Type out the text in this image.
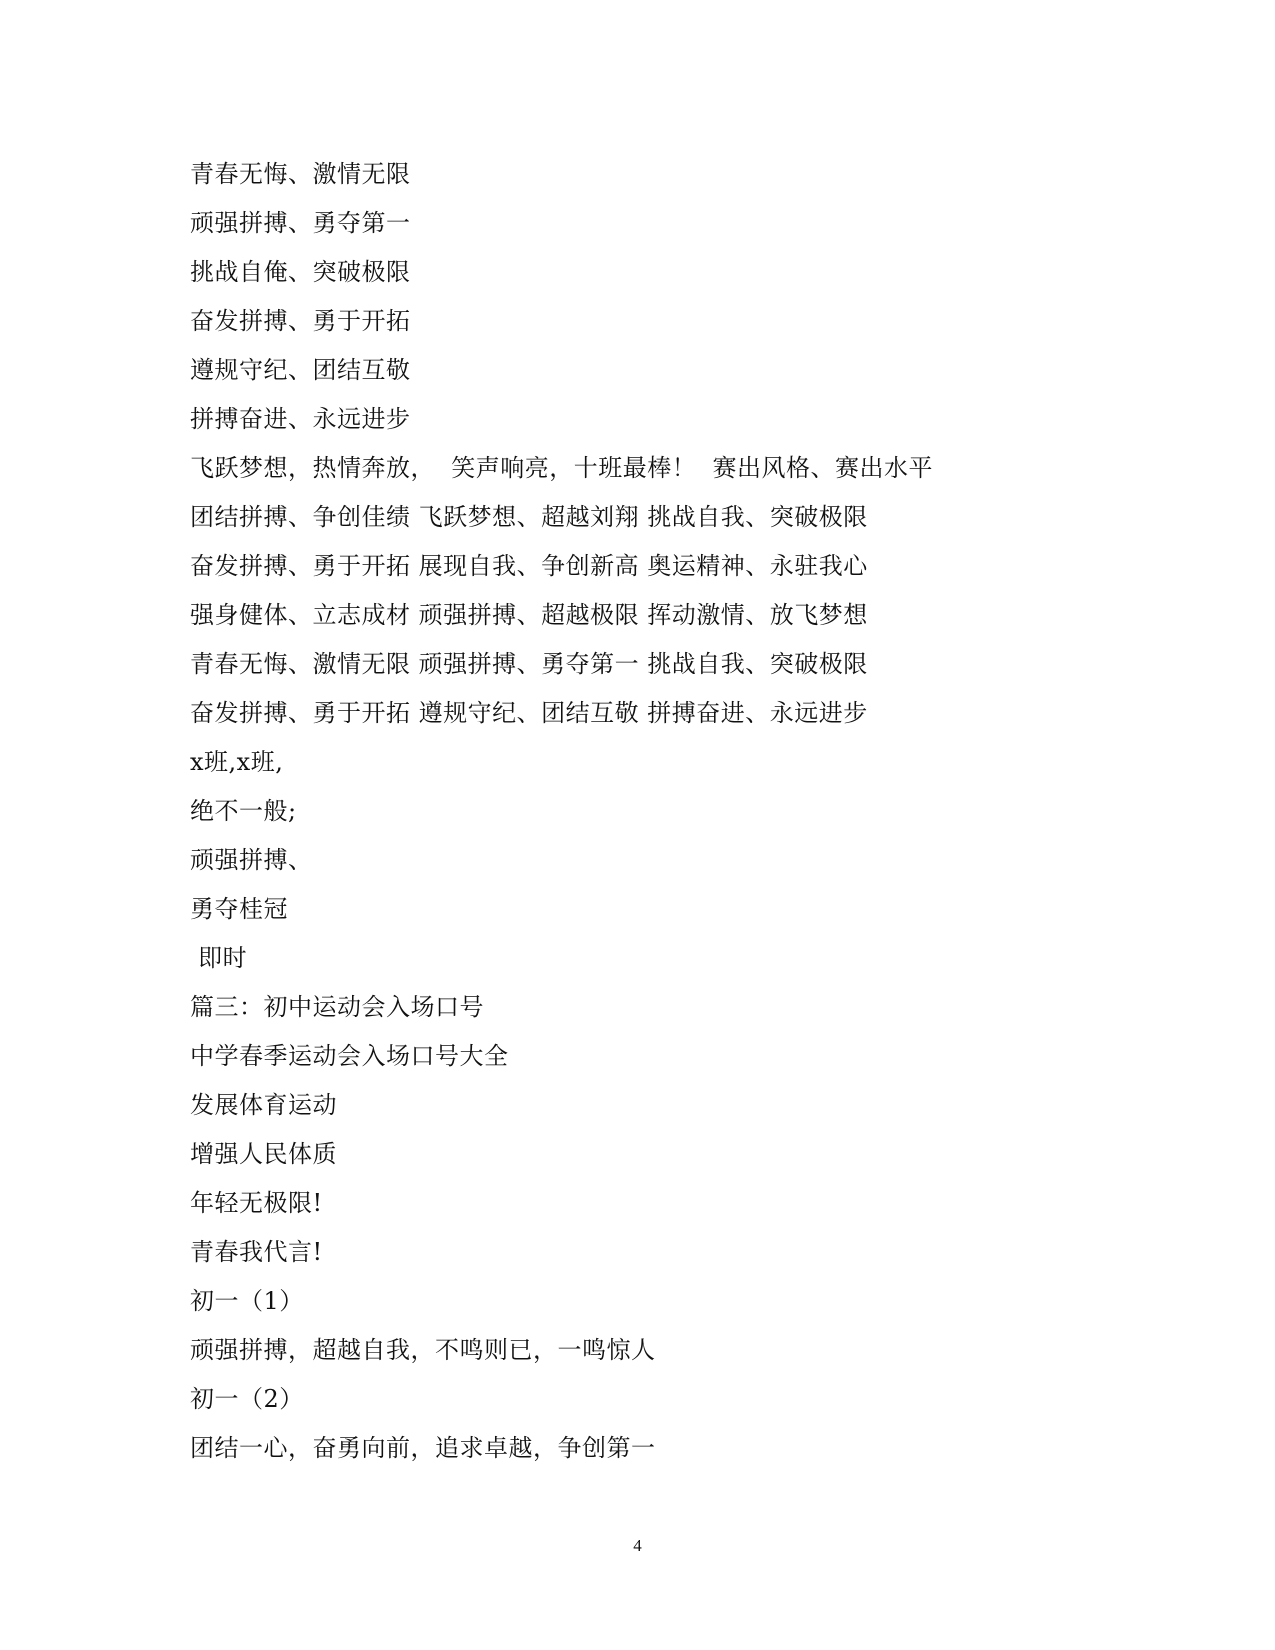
青春无悔、激情无限
顽强拼搏、勇夺第一
挑战自俺、突破极限
奋发拼搏、勇于开拓
遵规守纪、团结互敬
拼搏奋进、永远进步
飞跃梦想，热情奔放，  笑声响亮，十班最棒！  赛出风格、赛出水平
团结拼搏、争创佳绩 飞跃梦想、超越刘翔 挑战自我、突破极限
奋发拼搏、勇于开拓 展现自我、争创新高 奥运精神、永驻我心
强身健体、立志成材 顽强拼搏、超越极限 挥动激情、放飞梦想
青春无悔、激情无限 顽强拼搏、勇夺第一 挑战自我、突破极限
奋发拼搏、勇于开拓 遵规守纪、团结互敬 拼搏奋进、永远进步
x班,x班,
绝不一般;
顽强拼搏、
勇夺桂冠
即时
篇三：初中运动会入场口号
中学春季运动会入场口号大全
发展体育运动
增强人民体质
年轻无极限!
青春我代言!
初一（1）
顽强拼搏，超越自我，不鸣则已，一鸣惊人
初一（2）
团结一心，奋勇向前，追求卓越，争创第一
4
